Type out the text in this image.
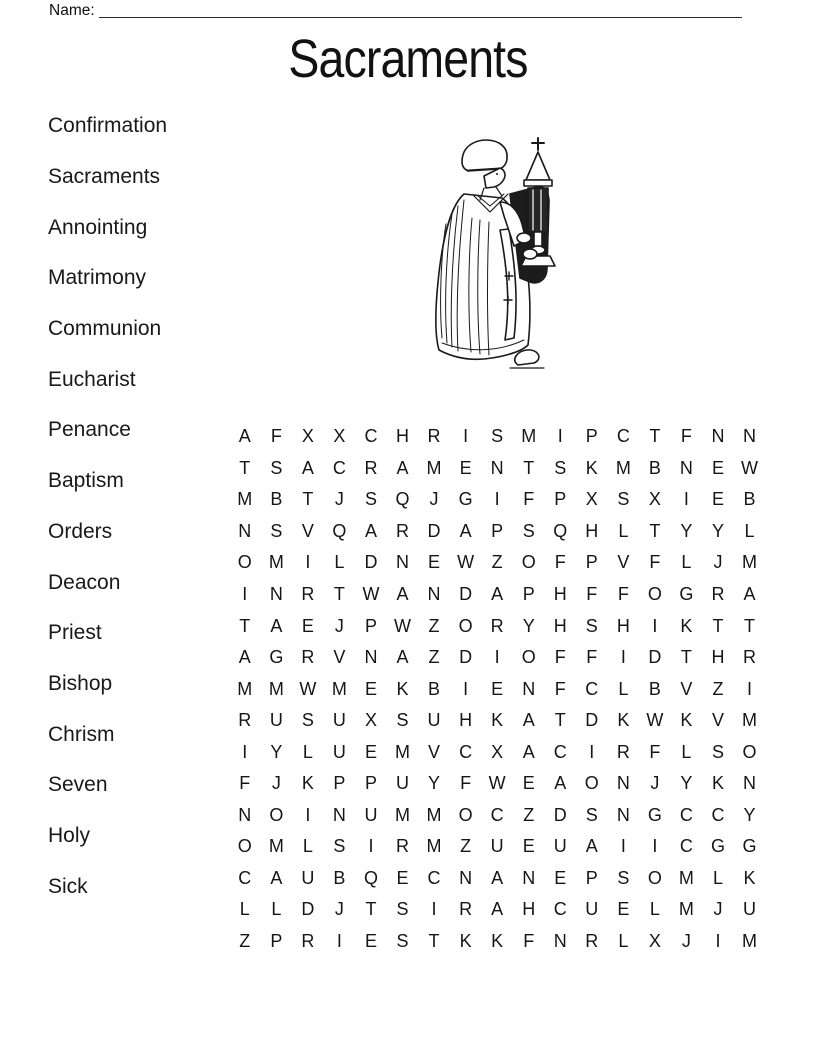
Name:
Sacraments
Confirmation
Sacraments
Annointing
Matrimony
Communion
Eucharist
Penance
Baptism
Orders
Deacon
Priest
Bishop
Chrism
Seven
Holy
Sick
A	F	X	X	C	H	R	I	S	M	I	P	C	T	F	N	N
T	S	A	C	R	A	M	E	N	T	S	K	M	B	N	E W
M	B	T	J	S	Q	J	G	I	F	P	X	S	X	I	E	B
N	S	V	Q	A	R	D	A	P	S	Q	H	L	T	Y	Y	L
O M	I	L	D	N	E W Z	O	F	P	V	F	L	J	M
I	N	R	T W A	N	D	A	P	H	F	F	O G	R	A
T	A	E	J	P W Z	O	R	Y	H	S	H	I	K	T	T
A	G	R	V	N	A	Z	D	I	O	F	F	I	D	T	H	R
M M W M	E	K	B	I	E	N	F	C	L	B	V	Z	I
R	U	S	U	X	S	U	H	K	A	T	D	K W K	V	M
I	Y	L	U	E	M	V	C	X	A	C	I	R	F	L	S	O
F	J	K	P	P	U	Y	F W E	A	O	N	J	Y	K	N
N	O	I	N	U M M O	C	Z	D	S	N	G	C	C	Y
O M	L	S	I	R M	Z	U	E	U	A	I	I	C	G G
C	A	U	B	Q	E	C	N	A	N	E	P	S	O M	L	K
L	L	D	J	T	S	I	R	A	H	C	U	E	L	M	J	U
Z	P	R	I	E	S	T	K	K	F	N	R	L	X	J	I	M
